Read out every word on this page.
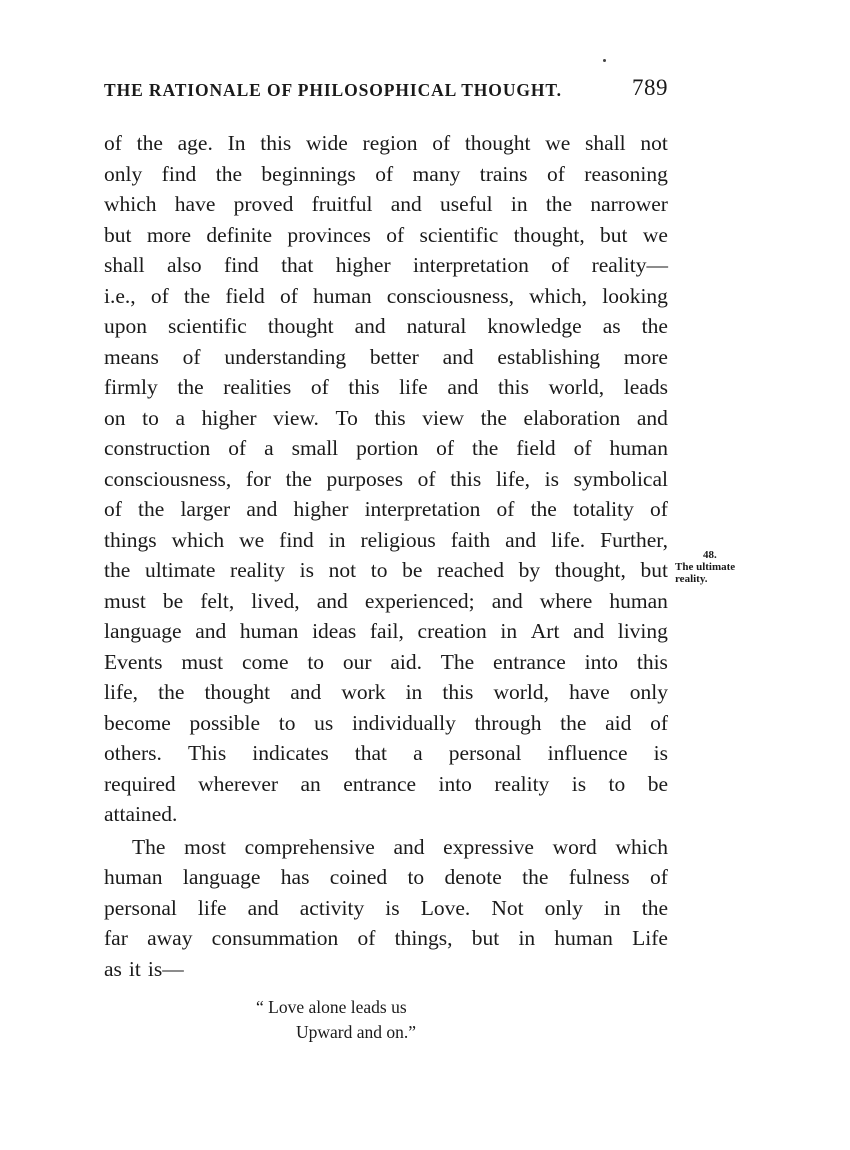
THE RATIONALE OF PHILOSOPHICAL THOUGHT.	789
of the age. In this wide region of thought we shall not
only find the beginnings of many trains of reasoning
which have proved fruitful and useful in the narrower
but more definite provinces of scientific thought, but we
shall also find that higher interpretation of reality—
i.e., of the field of human consciousness, which, looking
upon scientific thought and natural knowledge as the
means of understanding better and establishing more
firmly the realities of this life and this world, leads
on to a higher view. To this view the elaboration and
construction of a small portion of the field of human
consciousness, for the purposes of this life, is symbolical
of the larger and higher interpretation of the totality of
things which we find in religious faith and life. Further,
the ultimate reality is not to be reached by thought, but
must be felt, lived, and experienced; and where human
language and human ideas fail, creation in Art and living
Events must come to our aid. The entrance into this
life, the thought and work in this world, have only
become possible to us individually through the aid of
others. This indicates that a personal influence is
required wherever an entrance into reality is to be
attained.
The most comprehensive and expressive word which
human language has coined to denote the fulness of
personal life and activity is Love. Not only in the
far away consummation of things, but in human Life
as it is—
48.
The ultimate
reality.
“ Love alone leads us
Upward and on.”
